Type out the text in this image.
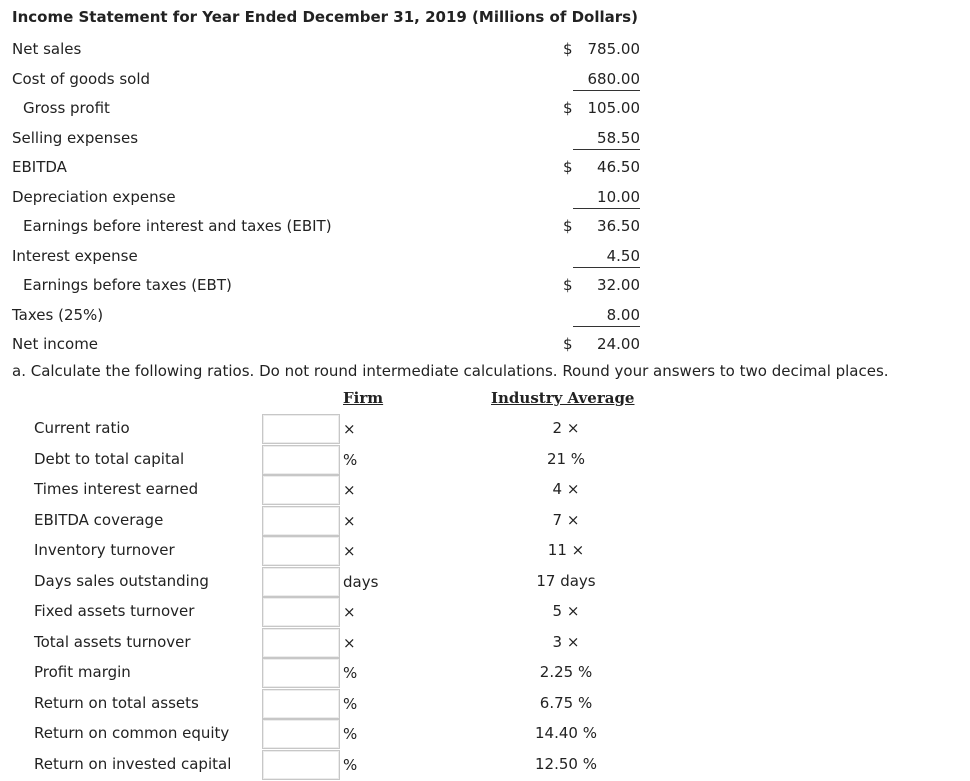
Income Statement for Year Ended December 31, 2019 (Millions of Dollars)
Net sales	$ 785.00
Cost of goods sold	680.00
Gross profit	$ 105.00
Selling expenses	58.50
EBITDA	$ 46.50
Depreciation expense	10.00
Earnings before interest and taxes (EBIT)	$ 36.50
Interest expense	4.50
Earnings before taxes (EBT)	$ 32.00
Taxes (25%)	8.00
Net income	$ 24.00
a. Calculate the following ratios. Do not round intermediate calculations. Round your answers to two decimal places.
Firm	Industry Average
Current ratio	×	2 ×
Debt to total capital	%	21 %
Times interest earned	×	4 ×
EBITDA coverage	×	7 ×
Inventory turnover	×	11 ×
Days sales outstanding	days	17 days
Fixed assets turnover	×	5 ×
Total assets turnover	×	3 ×
Profit margin	%	2.25 %
Return on total assets	%	6.75 %
Return on common equity	%	14.40 %
Return on invested capital	%	12.50 %
